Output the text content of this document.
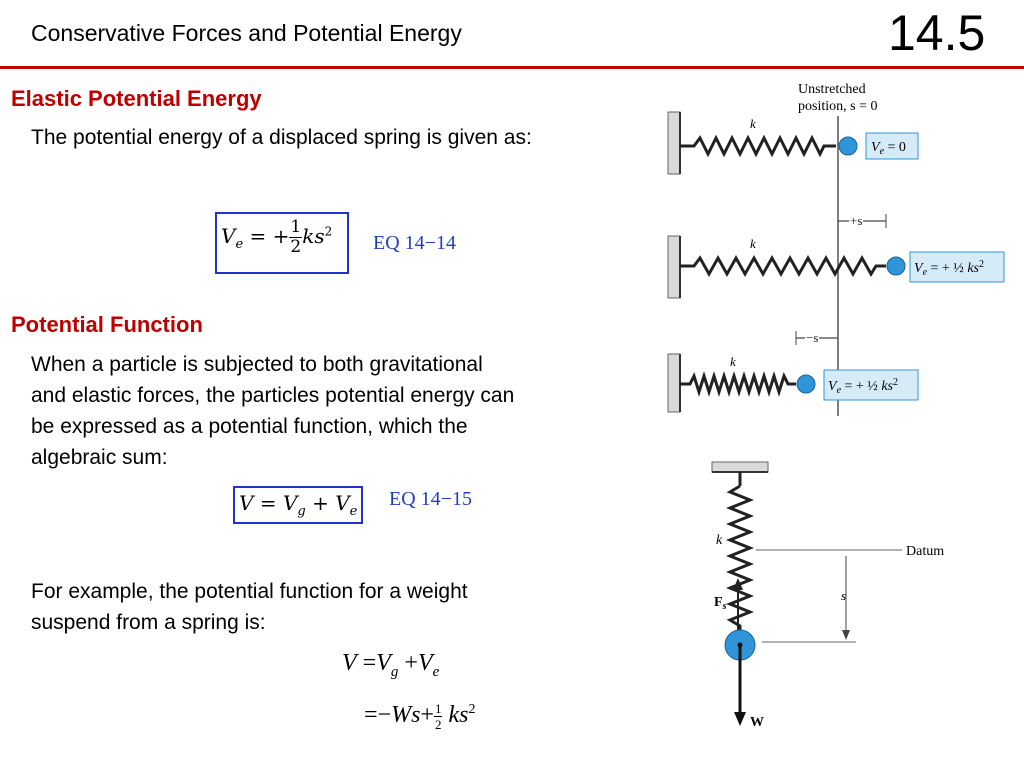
Conservative Forces and Potential Energy	14.5
Elastic Potential Energy
The potential energy of a displaced spring is given as:
$V_e$ = + $\frac{1}{2} ks^2$
EQ 14−14
Potential Function
When a particle is subjected to both gravitational
and elastic forces, the particles potential energy can
be expressed as a potential function, which the
algebraic sum:
$V = V_g + V_e$
EQ 14−15
For example, the potential function for a weight
suspend from a spring is:
$V =V_g +V_e$
$=-Ws+ \frac{1}{2} ks^2$
Unstretched
position, s = 0
k
$V_e = 0$
+s
k
$V_e$ = + ½ $ks^2$
−s
k
$V_e$ = + ½ $ks^2$
k
Datum
s
$F_s$
W
